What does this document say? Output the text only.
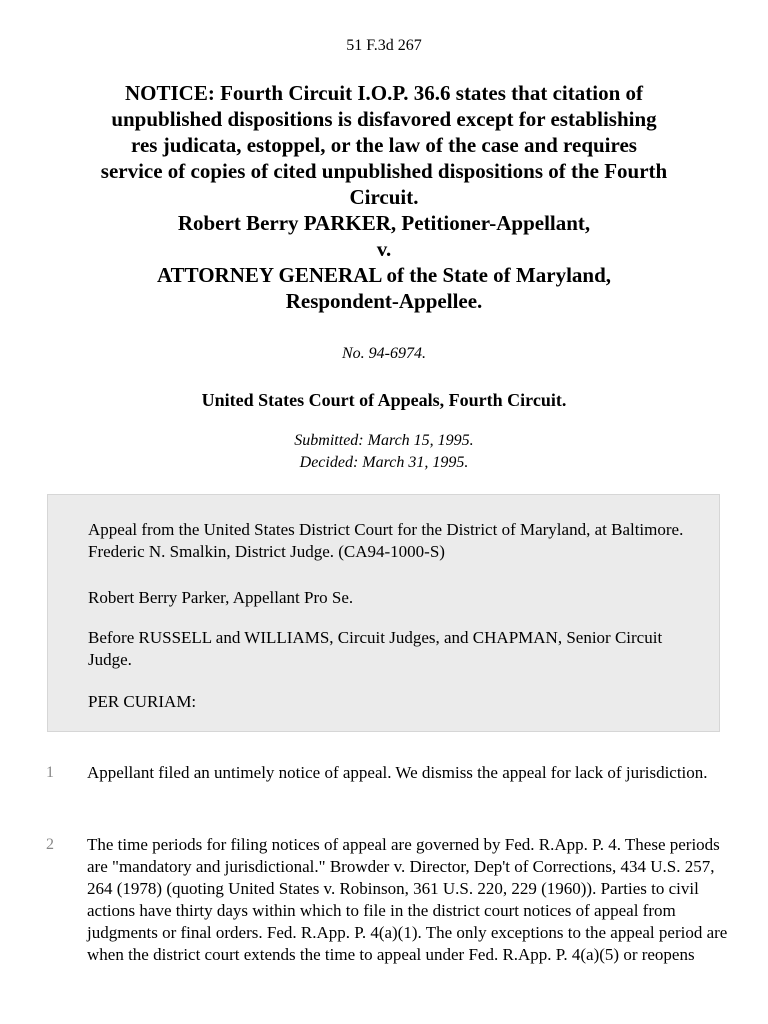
51 F.3d 267
NOTICE: Fourth Circuit I.O.P. 36.6 states that citation of
unpublished dispositions is disfavored except for establishing
res judicata, estoppel, or the law of the case and requires
service of copies of cited unpublished dispositions of the Fourth
Circuit.
Robert Berry PARKER, Petitioner-Appellant,
v.
ATTORNEY GENERAL of the State of Maryland,
Respondent-Appellee.
No. 94-6974.
United States Court of Appeals, Fourth Circuit.
Submitted: March 15, 1995.
Decided: March 31, 1995.

Appeal from the United States District Court for the District of Maryland, at Baltimore. Frederic N. Smalkin, District Judge. (CA94-1000-S)

Robert Berry Parker, Appellant Pro Se.

Before RUSSELL and WILLIAMS, Circuit Judges, and CHAPMAN, Senior Circuit Judge.

PER CURIAM:

1 Appellant filed an untimely notice of appeal. We dismiss the appeal for lack of jurisdiction.
2 The time periods for filing notices of appeal are governed by Fed. R.App. P. 4. These periods are "mandatory and jurisdictional." Browder v. Director, Dep't of Corrections, 434 U.S. 257, 264 (1978) (quoting United States v. Robinson, 361 U.S. 220, 229 (1960)). Parties to civil actions have thirty days within which to file in the district court notices of appeal from judgments or final orders. Fed. R.App. P. 4(a)(1). The only exceptions to the appeal period are when the district court extends the time to appeal under Fed. R.App. P. 4(a)(5) or reopens
